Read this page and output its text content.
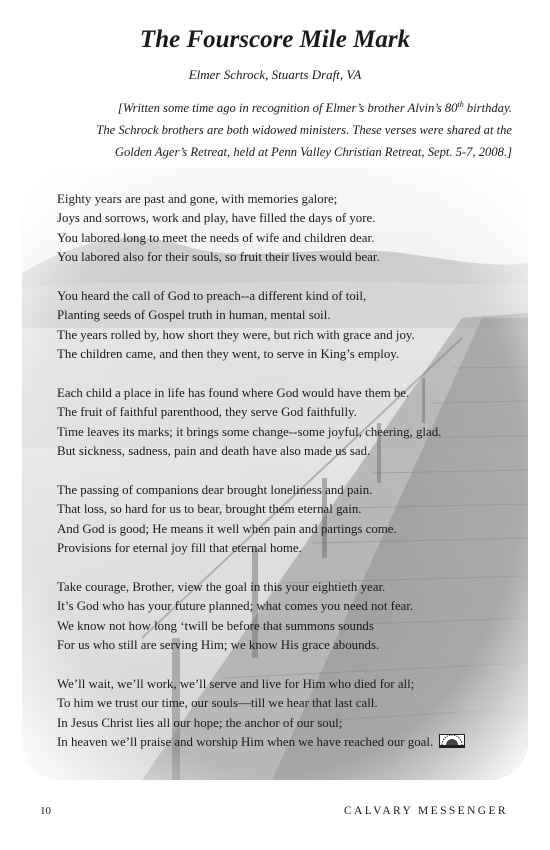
The Fourscore Mile Mark

Elmer Schrock, Stuarts Draft, VA

[Written some time ago in recognition of Elmer’s brother Alvin’s 80th birthday.
The Schrock brothers are both widowed ministers. These verses were shared at the
Golden Ager’s Retreat, held at Penn Valley Christian Retreat, Sept. 5-7, 2008.]

Eighty years are past and gone, with memories galore;
Joys and sorrows, work and play, have filled the days of yore.
You labored long to meet the needs of wife and children dear.
You labored also for their souls, so fruit their lives would bear.
You heard the call of God to preach--a different kind of toil,
Planting seeds of Gospel truth in human, mental soil.
The years rolled by, how short they were, but rich with grace and joy.
The children came, and then they went, to serve in King’s employ.
Each child a place in life has found where God would have them be.
The fruit of faithful parenthood, they serve God faithfully.
Time leaves its marks; it brings some change--some joyful, cheering, glad.
But sickness, sadness, pain and death have also made us sad.
The passing of companions dear brought loneliness and pain.
That loss, so hard for us to bear, brought them eternal gain.
And God is good; He means it well when pain and partings come.
Provisions for eternal joy fill that eternal home.
Take courage, Brother, view the goal in this your eightieth year.
It’s God who has your future planned; what comes you need not fear.
We know not how long ‘twill be before that summons sounds
For us who still are serving Him; we know His grace abounds.
We’ll wait, we’ll work, we’ll serve and live for Him who died for all;
To him we trust our time, our souls—till we hear that last call.
In Jesus Christ lies all our hope; the anchor of our soul;
In heaven we’ll praise and worship Him when we have reached our goal.
10	CALVARY MESSENGER
